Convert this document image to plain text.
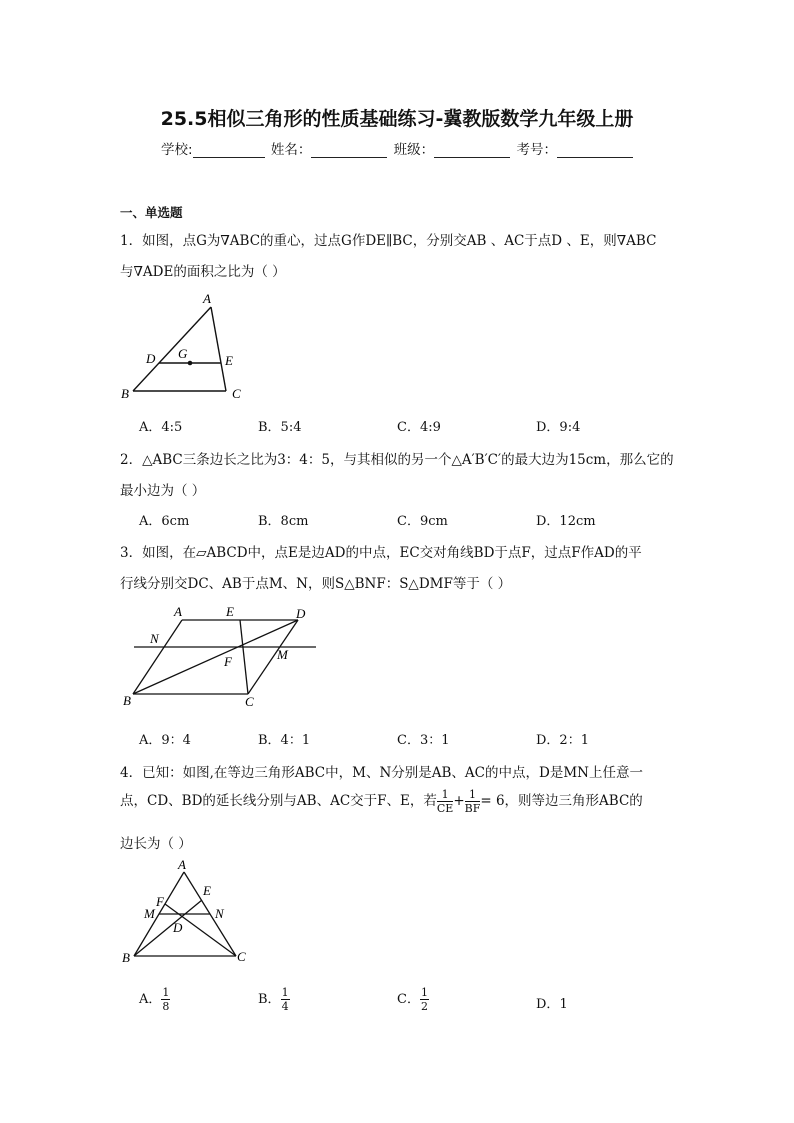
25.5相似三角形的性质基础练习-冀教版数学九年级上册
学校:	姓名：	班级：	考号：
一、单选题
1．如图，点G为∇ABC的重心，过点G作DE∥BC，分别交AB 、AC于点D 、E，则∇ABC
与∇ADE的面积之比为（ ）
A
D G	E
B	C
A．4:5	B．5:4	C．4:9	D．9:4
2．△ABC三条边长之比为3：4：5，与其相似的另一个△A′B′C′的最大边为15cm，那么它的
最小边为（ ）
A．6cm	B．8cm	C．9cm	D．12cm
3．如图，在▱ABCD中，点E是边AD的中点，EC交对角线BD于点F，过点F作AD的平
行线分别交DC、AB于点M、N，则S△BNF：S△DMF等于（ ）
A	E	D
N
M
F
B	C
A．9：4	B．4：1	C．3：1	D．2：1
4．已知：如图,在等边三角形ABC中，M、N分别是AB、AC的中点，D是MN上任意一
点，CD、BD的延长线分别与AB、AC交于F、E，若 $\frac{1}{CE} + \frac{1}{BF} = 6$，则等边三角形ABC的
边长为（ ）
A
E
F
M	N
D
B	C
A． $\frac{1}{8}$	B． $\frac{1}{4}$	C． $\frac{1}{2}$	D．1
